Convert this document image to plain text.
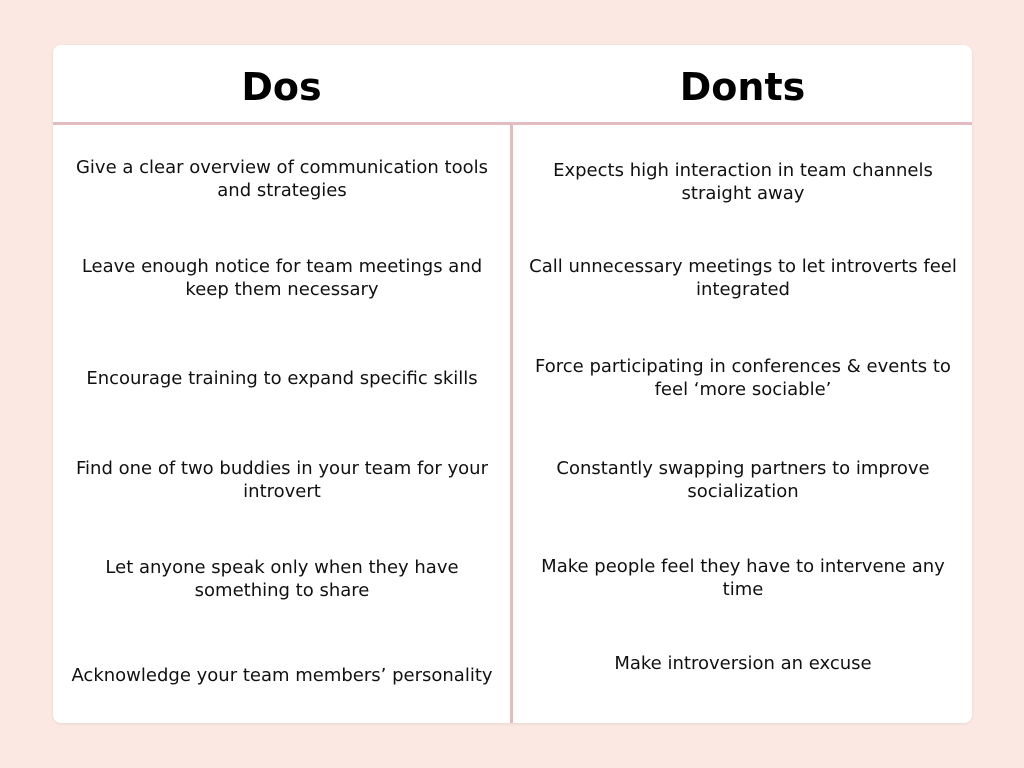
Dos	Donts
Give a clear overview of communication tools and strategies
Leave enough notice for team meetings and keep them necessary
Encourage training to expand specific skills
Find one of two buddies in your team for your introvert
Let anyone speak only when they have something to share
Acknowledge your team members’ personality
Expects high interaction in team channels straight away
Call unnecessary meetings to let introverts feel integrated
Force participating in conferences & events to feel ‘more sociable’
Constantly swapping partners to improve socialization
Make people feel they have to intervene any time
Make introversion an excuse
